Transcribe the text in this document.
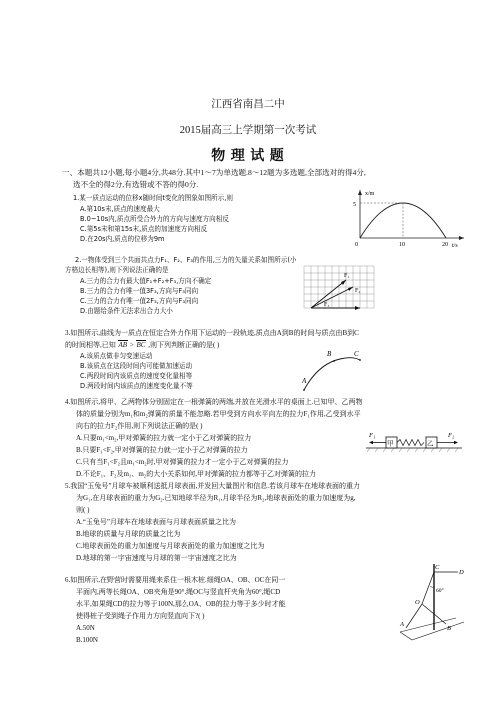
江西省南昌二中
2015届高三上学期第一次考试
物 理 试 题
一、本题共12小题,每小题4分,共48分.其中1～7为单选题.8～12题为多选题,全部选对的得4分,
选不全的得2分,有选错或不答的得0分.
1.某一质点运动的位移x随时间t变化的图象如图所示,则
A.第10s末,质点的速度最大
B.0~10s内,质点所受合外力的方向与速度方向相反
C.第5s末和第15s末,质点的加速度方向相反
D.在20s内,质点的位移为9m
x/m
5
0	10	20 t/s
2.一物体受到三个共面共点力F₁、F₂、F₃的作用,三力的矢量关系如图所示(小
方格边长相等),则下列说法正确的是
A.三力的合力有最大值F₁+F₂+F₃,方向不确定
B.三力的合力有唯一值3F₃,方向与F₃同向
C.三力的合力有唯一值2F₃,方向与F₃同向
D.由题给条件无法求出合力大小
F₁
F₂
F₃
3.如图所示,曲线为一质点在恒定合外力作用下运动的一段轨迹,质点由A到B的时间与质点由B到C
的时间相等,已知 AB > BC ,则下列判断正确的是( )
A.该质点做非匀变速运动
B.该质点在这段时间内可能做加速运动
C.两段时间内该质点的速度变化量相等
D.两段时间内该质点的速度变化量不等
A
B	C
4.如图所示,将甲、乙两物体分别固定在一根弹簧的两端,并放在光滑水平的桌面上.已知甲、乙两物
体的质量分别为m₁和m₂弹簧的质量不能忽略.若甲受到方向水平向左的拉力F₁作用,乙受到水平
向右的拉力F₂作用,则下列说法正确的是( )
A.只要m₁<m₂,甲对弹簧的拉力就一定小于乙对弹簧的拉力
B.只要F₁<F₂,甲对弹簧的拉力就一定小于乙对弹簧的拉力
C.只有当F₁<F₂且m₁<m₂时,甲对弹簧的拉力才一定小于乙对弹簧的拉力
D.不论F₁、F₂及m₁、m₂的大小关系如何,甲对弹簧的拉力都等于乙对弹簧的拉力
F₁
甲	乙
F₂
5.我国“玉兔号”月球车被顺利送抵月球表面,并发回大量图片和信息.若该月球车在地球表面的重力
为G₁,在月球表面的重力为G₂.已知地球半径为R₁,月球半径为R₂,地球表面处的重力加速度为g,
则( )
A.“玉兔号”月球车在地球表面与月球表面质量之比为
B.地球的质量与月球的质量之比为
C.地球表面处的重力加速度与月球表面处的重力加速度之比为
D.地球的第一宇宙速度与月球的第一宇宙速度之比为
6.如图所示,在野营时需要用绳来系住一根木桩.细绳OA、OB、OC在同一
平面内,两等长绳OA、OB夹角是90°.绳OC与竖直杆夹角为60°,绳CD
水平,如果绳CD的拉力等于100N,那么OA、OB的拉力等于多少时才能
使得桩子受到绳子作用力方向竖直向下?( )
A.50N
B.100N
D
C
60°
O
A
B
